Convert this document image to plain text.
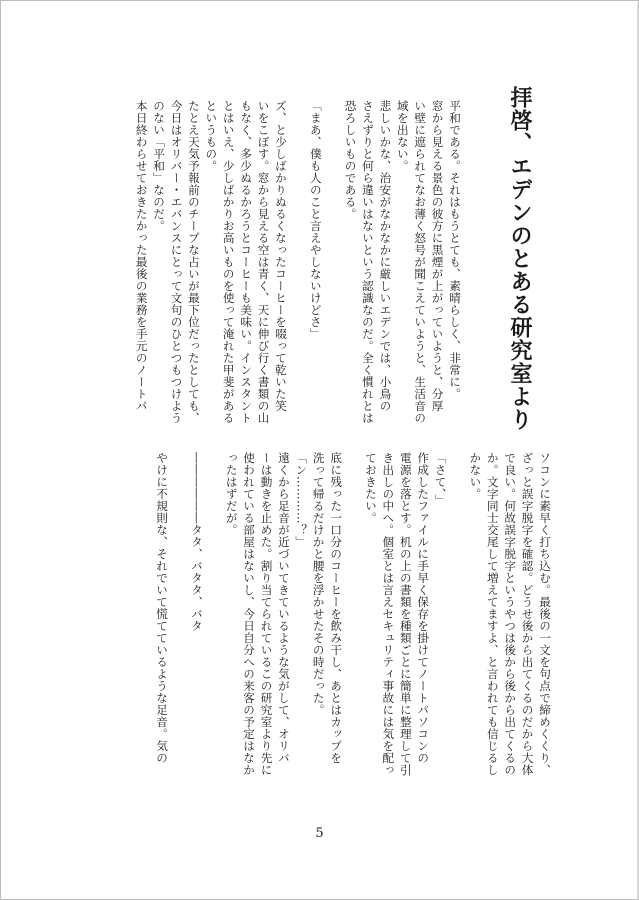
拝啓、エデンのとある研究室より

平和である。それはもうとても、素晴らしく、非常に。

窓から見える景色の彼方に黒煙が上がっていようと、分厚

い壁に遮られてなお薄く怒号が聞こえていようと、生活音の

域を出ない。

悲しいかな、治安がなかなかに厳しいエデンでは、小鳥の

さえずりと何ら違いはないという認識なのだ。全く慣れとは

恐ろしいものである。

「まあ、僕も人のこと言えやしないけどさ」

ズ、と少しばかりぬるくなったコーヒーを啜って乾いた笑

いをこぼす。窓から見える空は青く、天に伸び行く書類の山

もなく、多少ぬるかろうとコーヒーも美味い。インスタント

とはいえ、少しばかりお高いものを使って淹れた甲斐がある

というもの。

たとえ天気予報前のチープな占いが最下位だったとしても、

今日はオリバー・エバンスにとって文句のひとつもつけよう

のない「平和」なのだ。

本日終わらせておきたかった最後の業務を手元のノートパ

ソコンに素早く打ち込む。最後の一文を句点で締めくくり、

ざっと誤字脱字を確認。どうせ後から出てくるのだから大体

で良い。何故誤字脱字というやつは後から後から出てくるの

か。文字同士交尾して増えてますよ、と言われても信じるし

かない。

「さて、」

作成したファイルに手早く保存を掛けてノートパソコンの

電源を落とす。机の上の書類を種類ごとに簡単に整理して引

き出しの中へ。個室とは言えセキュリティ事故には気を配っ

ておきたい。

底に残った一口分のコーヒーを飲み干し、あとはカップを

洗って帰るだけかと腰を浮かせたその時だった。

「ン…………？」

遠くから足音が近づいてきているような気がして、オリバ

ーは動きを止めた。割り当てられているこの研究室より先に

使われている部屋はないし、今日自分への来客の予定はなか

ったはずだが。

――――――タタ、バタタ、バタ

やけに不規則な、それでいて慌てているような足音。気の

5
